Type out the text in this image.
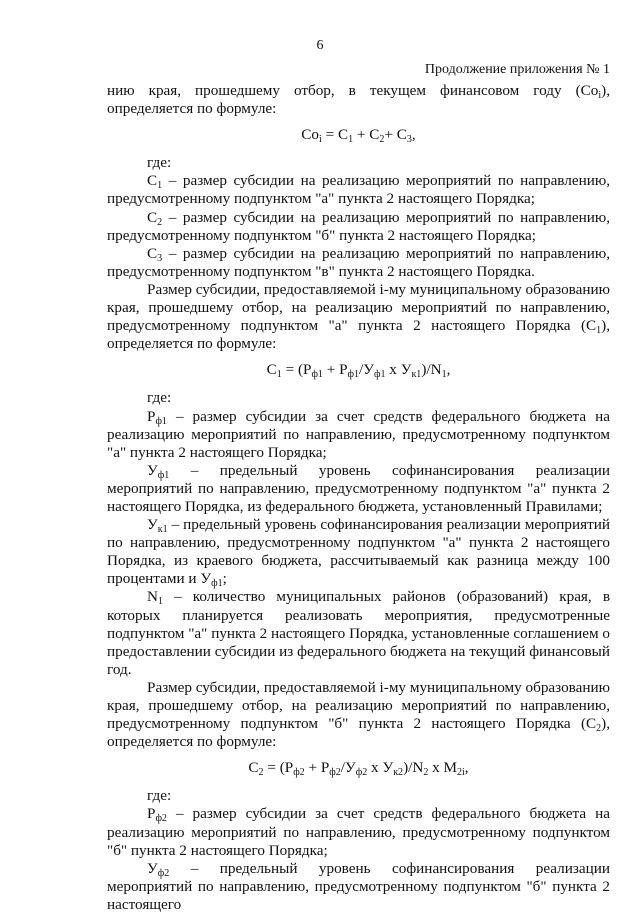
6
Продолжение приложения № 1

нию края, прошедшему отбор, в текущем финансовом году $(Со_i)$, определяется по формуле:

$Со_i = С_1 + С_2+ С_3$,

где:

$С_1$ – размер субсидии на реализацию мероприятий по направлению, предусмотренному подпунктом "а" пункта 2 настоящего Порядка;

$С_2$ – размер субсидии на реализацию мероприятий по направлению, предусмотренному подпунктом "б" пункта 2 настоящего Порядка;

$С_3$ – размер субсидии на реализацию мероприятий по направлению, предусмотренному подпунктом "в" пункта 2 настоящего Порядка.

Размер субсидии, предоставляемой i-му муниципальному образованию края, прошедшему отбор, на реализацию мероприятий по направлению, предусмотренному подпунктом "а" пункта 2 настоящего Порядка $(С_1)$, определяется по формуле:

$С_1 = (Р_{ф1} + Р_{ф1}/У_{ф1}$ х $У_{к1})/N_1$,

где:

$Р_{ф1}$ – размер субсидии за счет средств федерального бюджета на реализацию мероприятий по направлению, предусмотренному подпунктом "а" пункта 2 настоящего Порядка;

$У_{ф1}$ – предельный уровень софинансирования реализации мероприятий по направлению, предусмотренному подпунктом "а" пункта 2 настоящего Порядка, из федерального бюджета, установленный Правилами;

$У_{к1}$ – предельный уровень софинансирования реализации мероприятий по направлению, предусмотренному подпунктом "а" пункта 2 настоящего Порядка, из краевого бюджета, рассчитываемый как разница между 100 процентами и $У_{ф1}$;

$N_1$ – количество муниципальных районов (образований) края, в которых планируется реализовать мероприятия, предусмотренные подпунктом "а" пункта 2 настоящего Порядка, установленные соглашением о предоставлении субсидии из федерального бюджета на текущий финансовый год.

Размер субсидии, предоставляемой i-му муниципальному образованию края, прошедшему отбор, на реализацию мероприятий по направлению, предусмотренному подпунктом "б" пункта 2 настоящего Порядка $(С_2)$, определяется по формуле:

$С_2 = (Р_{ф2} + Р_{ф2}/У_{ф2}$ х $У_{к2})/N_2$ х $М_{2i}$,

где:

$Р_{ф2}$ – размер субсидии за счет средств федерального бюджета на реализацию мероприятий по направлению, предусмотренному подпунктом "б" пункта 2 настоящего Порядка;

$У_{ф2}$ – предельный уровень софинансирования реализации мероприятий по направлению, предусмотренному подпунктом "б" пункта 2 настоящего
